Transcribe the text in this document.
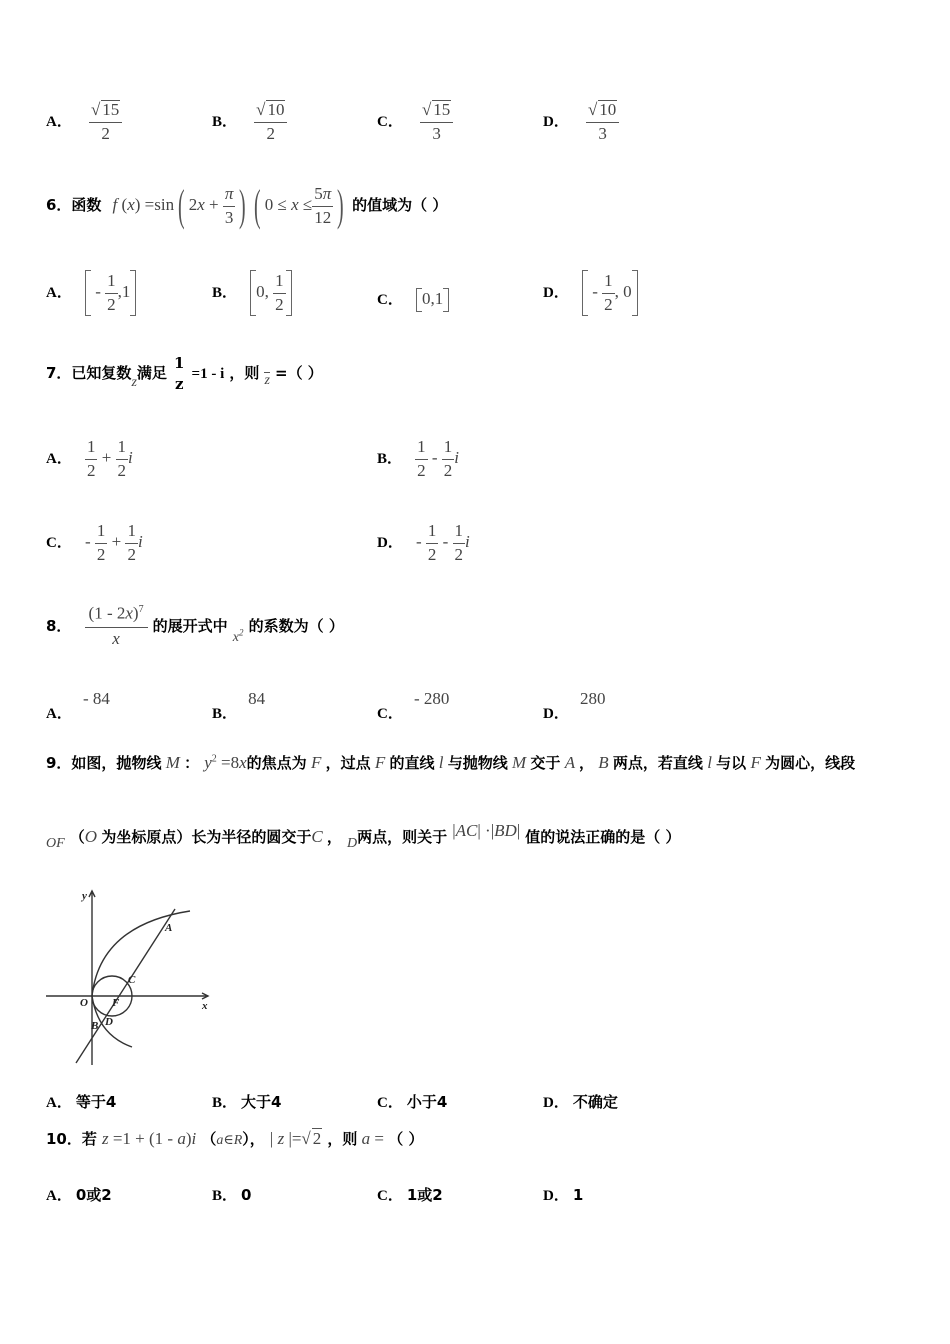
A． $\frac{√ 15}{2}$	B． $\frac{√ 10}{2}$	C． $\frac{√ 15}{3}$	D． $\frac{√ 10}{3}$
6．函数 f (x) =sin( $2x + \frac{\pi}{3}$ ) ( $0 \le x \le \frac{5\pi}{12}$ ) 的值域为（ ）
A．  - $\frac{1}{2} ,1$	B． 0, $\frac{1}{2}$	C． 0,1	D．  - $\frac{1}{2}$ , 0
7．已知复数z满足
1
z
=1 - i ，则 z =（ ）
A． $\frac{1}{2} + \frac{1}{2}$ i	B． $\frac{1}{2} - \frac{1}{2}$ i
C． - $\frac{1}{2} + \frac{1}{2}$ i	D． - $\frac{1}{2} - \frac{1}{2}$ i
8． $\frac{(1 - 2x)^7}{x}$ 的展开式中 $x^2$ 的系数为（ ）
A． - 84
B． 84
C． - 280
D． 280
9．如图，抛物线 M ： $y^2 =8x$的焦点为 F ，过点 F 的直线 l 与抛物线 M 交于 A ， B 两点，若直线 l 与以 F 为圆心，线段
OF （O 为坐标原点）长为半径的圆交于C ， D两点，则关于 |AC| ·|BD| 值的说法正确的是（ ）
y
x
O F
A
B
C
D
A． 等于4	B． 大于4	C． 小于4	D． 不确定
10．若 z =1 + (1 - a)i （a∈R）， | z |=√ 2 ，则 a = （ ）
A． 0或2	B． 0	C． 1或2	D． 1
